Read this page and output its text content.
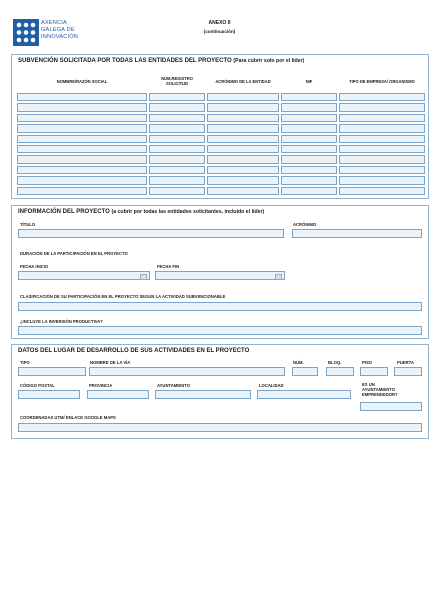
AXENCIA
GALEGA DE
INNOVACIÓN
ANEXO II
(continuación)
SUBVENCIÓN SOLICITADA POR TODAS LAS ENTIDADES DEL PROYECTO (Para cubrir solo por el líder)
NOMBRE/RAZÓN SOCIAL	NÚM.REGISTRO SOLICITUD	ACRÓNIMO DE LA ENTIDAD	NIF	TIPO DE EMPRESA/ ORGANISMO

INFORMACIÓN DEL PROYECTO (a cubrir por todas las entidades solicitantes, incluido el líder)
TÍTULO	ACRÓNIMO
DURACIÓN DE LA PARTICIPACIÓN EN EL PROYECTO
FECHA INICIO	FECHA FIN
CLASIFICACIÓN DE SU PARTICIPACIÓN EN EL PROYECTO SEGÚN LA ACTIVIDAD SUBVENCIONABLE
¿INCLUYE LA INVERSIÓN PRODUCTIVA?
DATOS DEL LUGAR DE DESARROLLO DE SUS ACTIVIDADES EN EL PROYECTO
TIPO	NOMBRE DE LA VÍA	NÚM.	BLOQ.	PISO	PUERTA
CÓDIGO POSTAL	PROVINCIA	AYUNTAMIENTO	LOCALIDAD	ES UN AYUNTAMIENTO EMPRENDEDOR?
COORDENADAS UTM/ ENLACE GOOGLE MAPS
